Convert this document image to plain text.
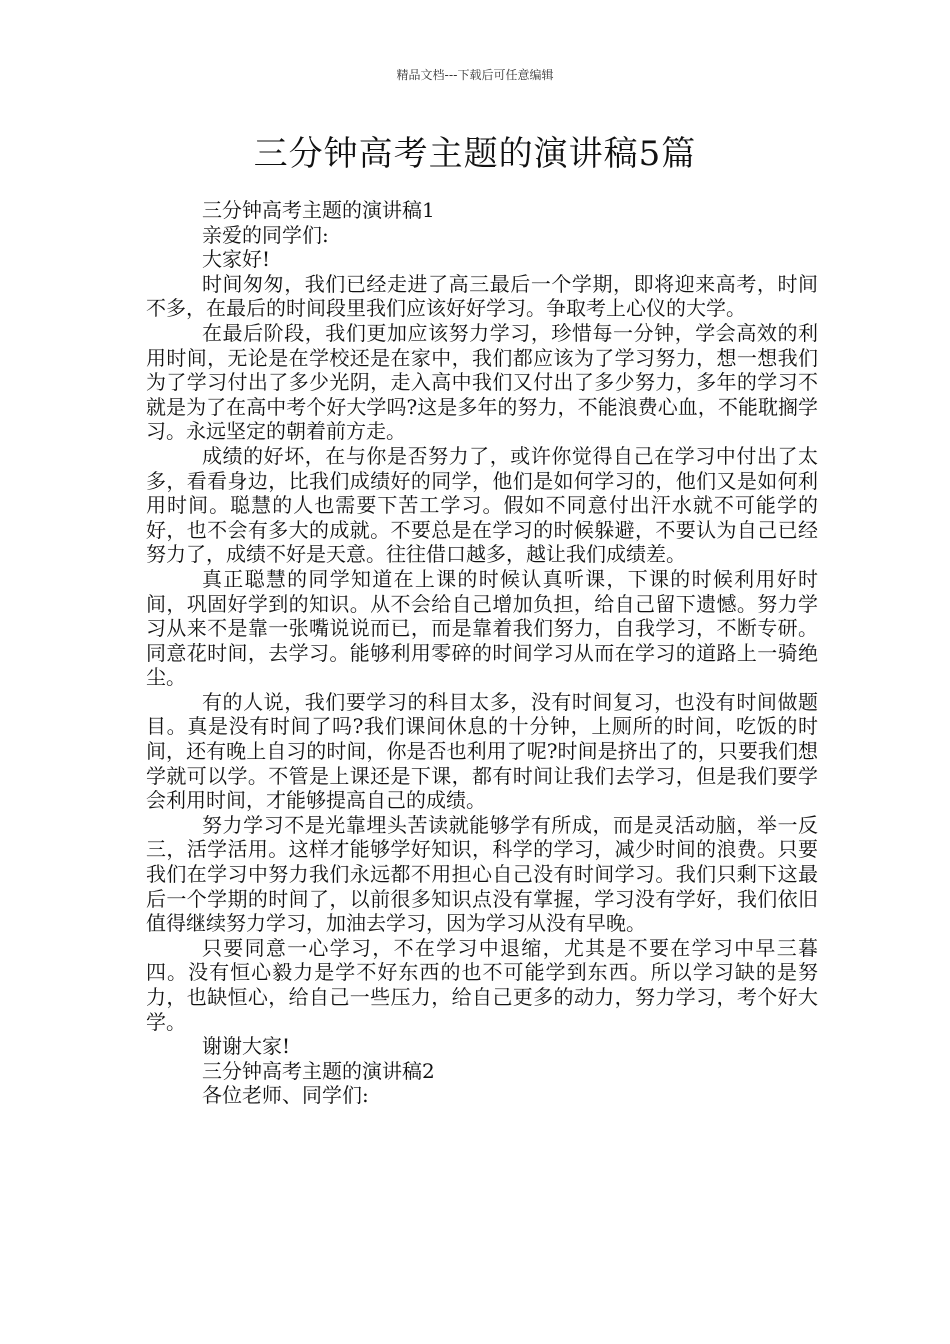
精品文档---下载后可任意编辑
三分钟高考主题的演讲稿5篇

三分钟高考主题的演讲稿1

亲爱的同学们:

大家好!

时间匆匆，我们已经走进了高三最后一个学期，即将迎来高考，时间不多，在最后的时间段里我们应该好好学习。争取考上心仪的大学。

在最后阶段，我们更加应该努力学习，珍惜每一分钟，学会高效的利用时间，无论是在学校还是在家中，我们都应该为了学习努力，想一想我们为了学习付出了多少光阴，走入高中我们又付出了多少努力，多年的学习不就是为了在高中考个好大学吗?这是多年的努力，不能浪费心血，不能耽搁学习。永远坚定的朝着前方走。

成绩的好坏，在与你是否努力了，或许你觉得自己在学习中付出了太多，看看身边，比我们成绩好的同学，他们是如何学习的，他们又是如何利用时间。聪慧的人也需要下苦工学习。假如不同意付出汗水就不可能学的好，也不会有多大的成就。不要总是在学习的时候躲避，不要认为自己已经努力了，成绩不好是天意。往往借口越多，越让我们成绩差。

真正聪慧的同学知道在上课的时候认真听课，下课的时候利用好时间，巩固好学到的知识。从不会给自己增加负担，给自己留下遗憾。努力学习从来不是靠一张嘴说说而已，而是靠着我们努力，自我学习，不断专研。同意花时间，去学习。能够利用零碎的时间学习从而在学习的道路上一骑绝尘。

有的人说，我们要学习的科目太多，没有时间复习，也没有时间做题目。真是没有时间了吗?我们课间休息的十分钟，上厕所的时间，吃饭的时间，还有晚上自习的时间，你是否也利用了呢?时间是挤出了的，只要我们想学就可以学。不管是上课还是下课，都有时间让我们去学习，但是我们要学会利用时间，才能够提高自己的成绩。

努力学习不是光靠埋头苦读就能够学有所成，而是灵活动脑，举一反三，活学活用。这样才能够学好知识，科学的学习，减少时间的浪费。只要我们在学习中努力我们永远都不用担心自己没有时间学习。我们只剩下这最后一个学期的时间了，以前很多知识点没有掌握，学习没有学好，我们依旧值得继续努力学习，加油去学习，因为学习从没有早晚。

只要同意一心学习，不在学习中退缩，尤其是不要在学习中早三暮四。没有恒心毅力是学不好东西的也不可能学到东西。所以学习缺的是努力，也缺恒心，给自己一些压力，给自己更多的动力，努力学习，考个好大学。

谢谢大家!

三分钟高考主题的演讲稿2

各位老师、同学们:
